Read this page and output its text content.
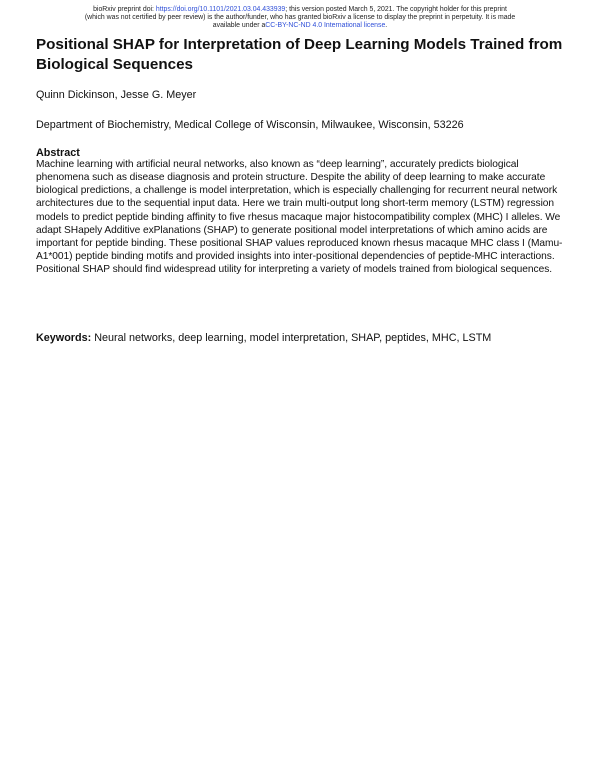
bioRxiv preprint doi: https://doi.org/10.1101/2021.03.04.433939; this version posted March 5, 2021. The copyright holder for this preprint
(which was not certified by peer review) is the author/funder, who has granted bioRxiv a license to display the preprint in perpetuity. It is made
available under aCC-BY-NC-ND 4.0 International license.
Positional SHAP for Interpretation of Deep Learning Models Trained from Biological Sequences
Quinn Dickinson, Jesse G. Meyer
Department of Biochemistry, Medical College of Wisconsin, Milwaukee, Wisconsin, 53226
Abstract

Machine learning with artificial neural networks, also known as “deep learning”, accurately predicts biological phenomena such as disease diagnosis and protein structure. Despite the ability of deep learning to make accurate biological predictions, a challenge is model interpretation, which is especially challenging for recurrent neural network architectures due to the sequential input data. Here we train multi-output long short-term memory (LSTM) regression models to predict peptide binding affinity to five rhesus macaque major histocompatibility complex (MHC) I alleles. We adapt SHapely Additive exPlanations (SHAP) to generate positional model interpretations of which amino acids are important for peptide binding. These positional SHAP values reproduced known rhesus macaque MHC class I (Mamu-A1*001) peptide binding motifs and provided insights into inter-positional dependencies of peptide-MHC interactions. Positional SHAP should find widespread utility for interpreting a variety of models trained from biological sequences.

Keywords: Neural networks, deep learning, model interpretation, SHAP, peptides, MHC, LSTM
